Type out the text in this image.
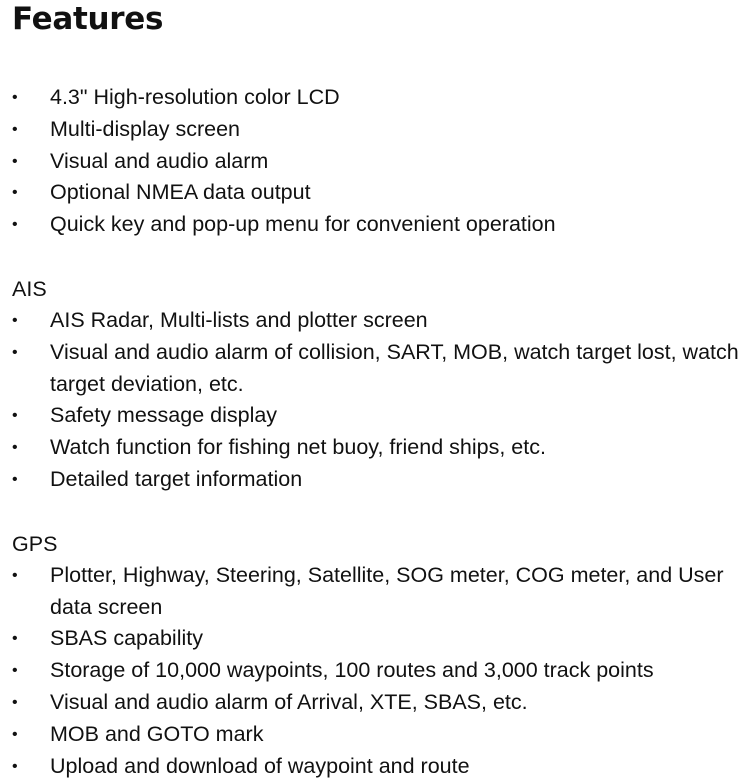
Features
• 4.3" High-resolution color LCD
• Multi-display screen
• Visual and audio alarm
• Optional NMEA data output
• Quick key and pop-up menu for convenient operation

AIS

• AIS Radar, Multi-lists and plotter screen
• Visual and audio alarm of collision, SART, MOB, watch target lost, watch target deviation, etc.
• Safety message display
• Watch function for fishing net buoy, friend ships, etc.
• Detailed target information

GPS

• Plotter, Highway, Steering, Satellite, SOG meter, COG meter, and User data screen
• SBAS capability
• Storage of 10,000 waypoints, 100 routes and 3,000 track points
• Visual and audio alarm of Arrival, XTE, SBAS, etc.
• MOB and GOTO mark
• Upload and download of waypoint and route
